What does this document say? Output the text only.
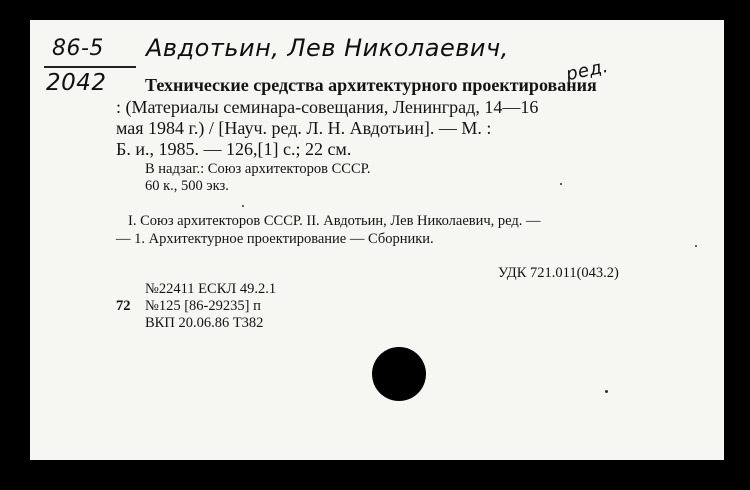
86-5
2042
Авдотьин, Лев Николаевич,
ред.
Технические средства архитектурного проектирования
: (Материалы семинара-совещания, Ленинград, 14—16
мая 1984 г.) / [Науч. ред. Л. Н. Авдотьин]. — М. :
Б. и., 1985. — 126,[1] с.; 22 см.
В надзаг.: Союз архитекторов СССР.
60 к., 500 экз.
I. Союз архитекторов СССР. II. Авдотьин, Лев Николаевич, ред. —
— 1. Архитектурное проектирование — Сборники.
УДК 721.011(043.2)
№22411 ЕСКЛ 49.2.1
72 №125 [86-29235] п
ВКП 20.06.86 Т382
